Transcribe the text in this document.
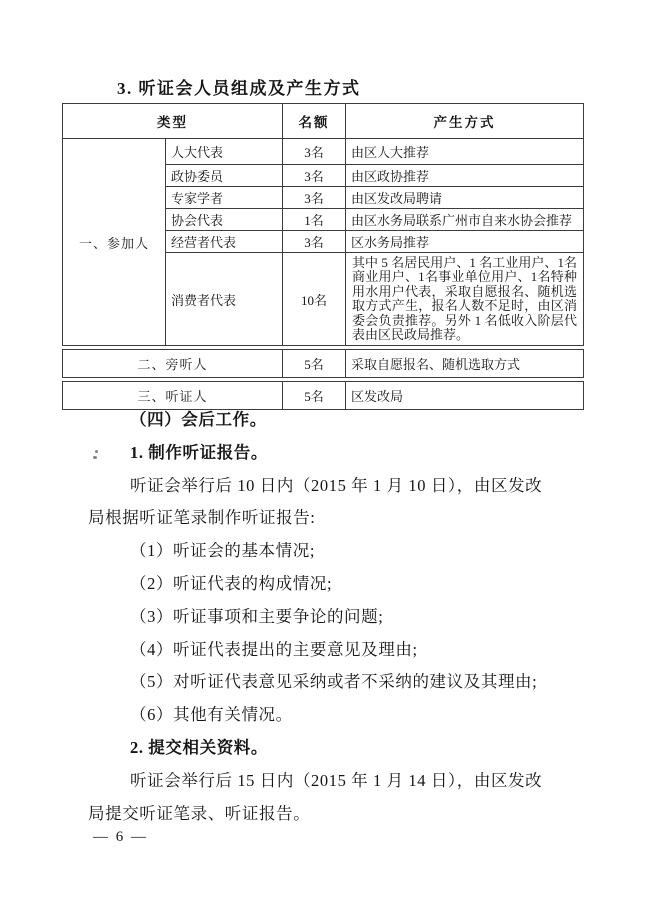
3. 听证会人员组成及产生方式
类型		名额	产生方式
一、参加人	人大代表	3名	由区人大推荐
	政协委员	3名	由区政协推荐
	专家学者	3名	由区发改局聘请
	协会代表	1名	由区水务局联系广州市自来水协会推荐
	经营者代表	3名	区水务局推荐
	消费者代表	10名	其中 5 名居民用户、1 名工业用户、1名商业用户、1名事业单位用户、1名特种用水用户代表，采取自愿报名、随机选取方式产生，报名人数不足时，由区消委会负责推荐。另外 1 名低收入阶层代表由区民政局推荐。
二、旁听人	5名	采取自愿报名、随机选取方式
三、听证人	5名	区发改局
（四）会后工作。
1. 制作听证报告。
听证会举行后 10 日内（2015 年 1 月 10 日），由区发改
局根据听证笔录制作听证报告:
（1）听证会的基本情况;
（2）听证代表的构成情况;
（3）听证事项和主要争论的问题;
（4）听证代表提出的主要意见及理由;
（5）对听证代表意见采纳或者不采纳的建议及其理由;
（6）其他有关情况。
2. 提交相关资料。
听证会举行后 15 日内（2015 年 1 月 14 日），由区发改
局提交听证笔录、听证报告。
— 6 —
